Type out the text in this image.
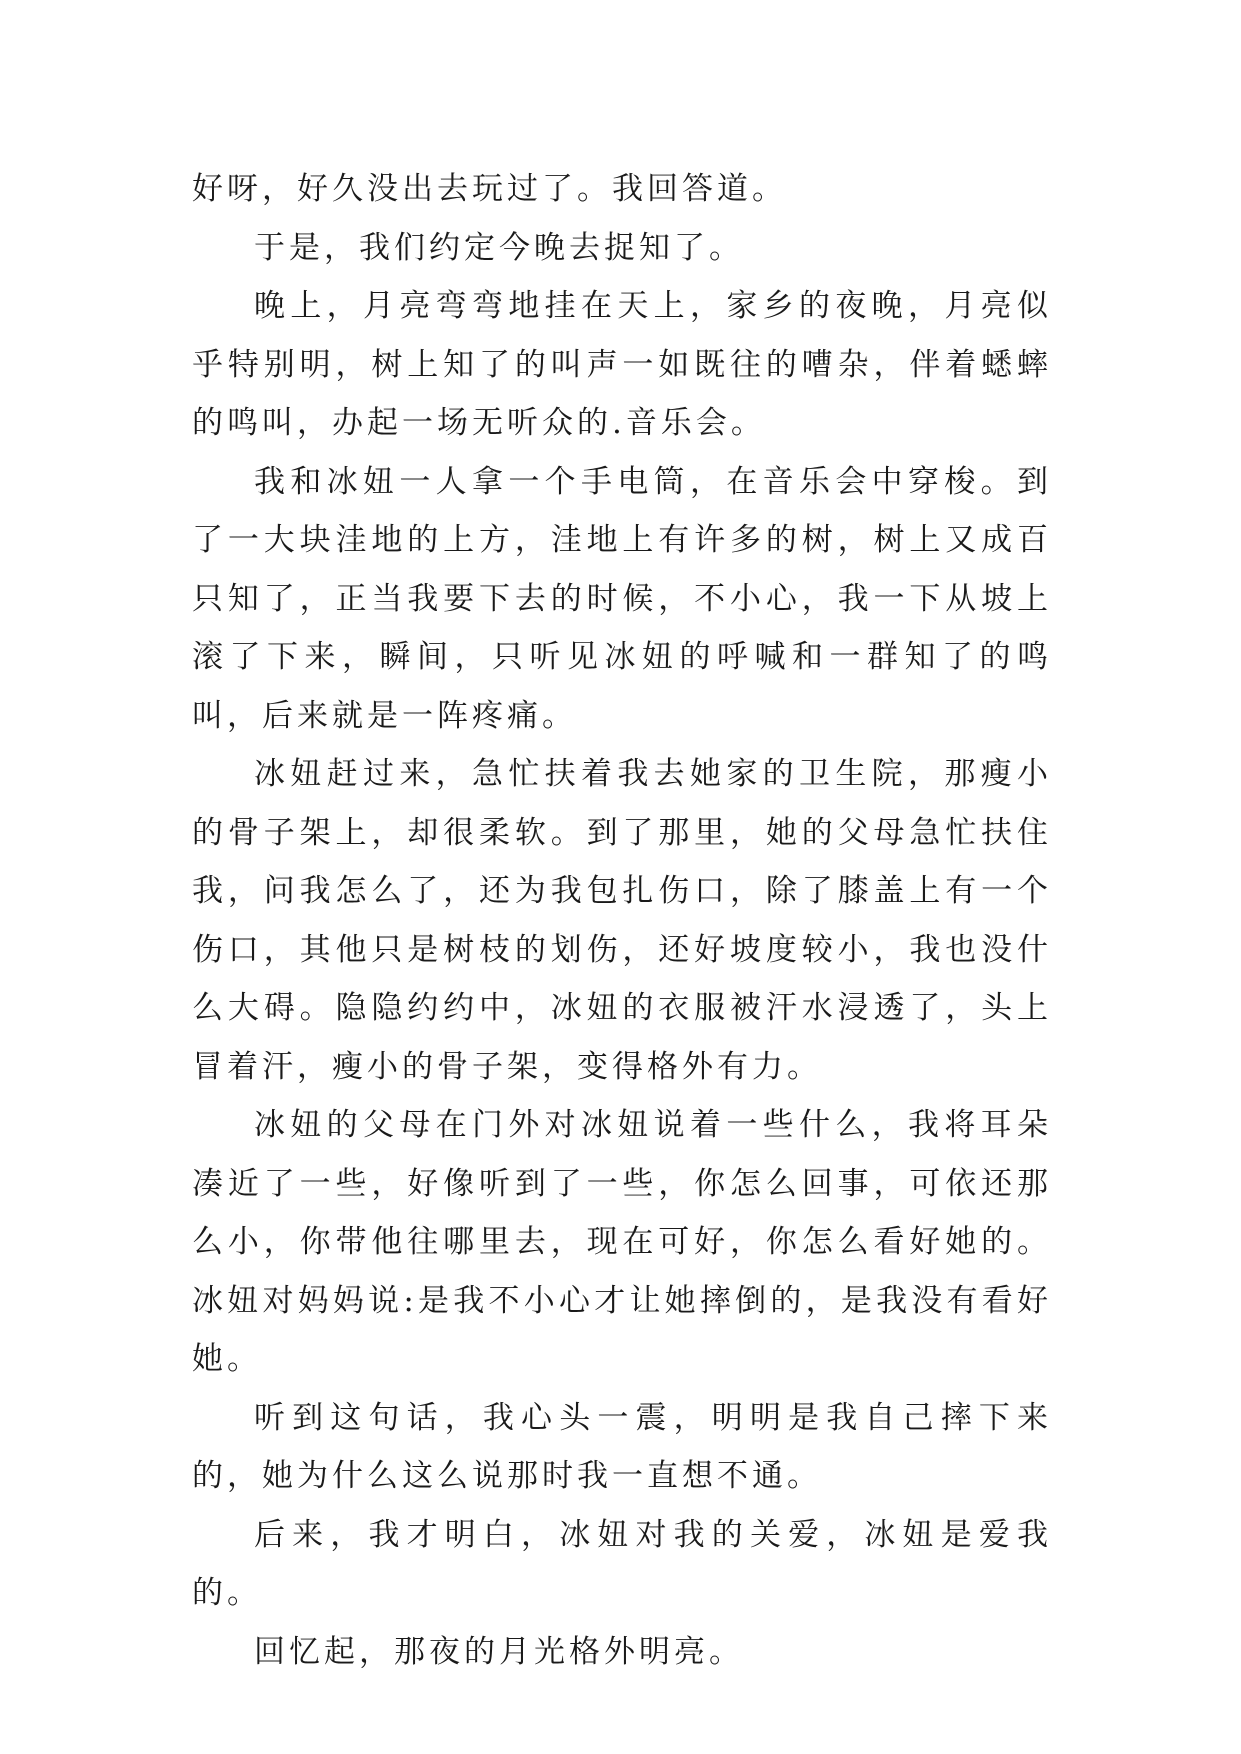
好呀，好久没出去玩过了。我回答道。

于是，我们约定今晚去捉知了。

晚上，月亮弯弯地挂在天上，家乡的夜晚，月亮似乎特别明，树上知了的叫声一如既往的嘈杂，伴着蟋蟀的鸣叫，办起一场无听众的.音乐会。

我和冰妞一人拿一个手电筒，在音乐会中穿梭。到了一大块洼地的上方，洼地上有许多的树，树上又成百只知了，正当我要下去的时候，不小心，我一下从坡上滚了下来，瞬间，只听见冰妞的呼喊和一群知了的鸣叫，后来就是一阵疼痛。

冰妞赶过来，急忙扶着我去她家的卫生院，那瘦小的骨子架上，却很柔软。到了那里，她的父母急忙扶住我，问我怎么了，还为我包扎伤口，除了膝盖上有一个伤口，其他只是树枝的划伤，还好坡度较小，我也没什么大碍。隐隐约约中，冰妞的衣服被汗水浸透了，头上冒着汗，瘦小的骨子架，变得格外有力。

冰妞的父母在门外对冰妞说着一些什么，我将耳朵凑近了一些，好像听到了一些，你怎么回事，可依还那么小，你带他往哪里去，现在可好，你怎么看好她的。冰妞对妈妈说:是我不小心才让她摔倒的，是我没有看好她。

听到这句话，我心头一震，明明是我自己摔下来的，她为什么这么说那时我一直想不通。

后来，我才明白，冰妞对我的关爱，冰妞是爱我的。

回忆起，那夜的月光格外明亮。
